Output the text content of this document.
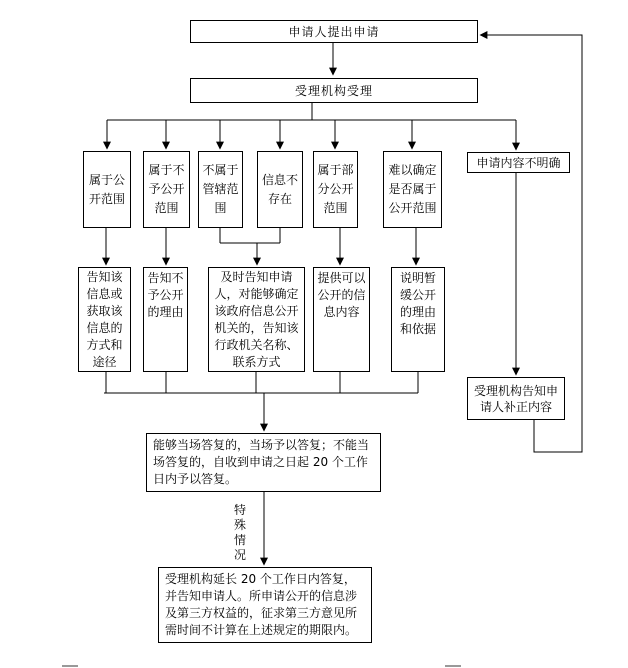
申请人提出申请
受理机构受理
属于公开范围
属于不予公开范围
不属于管辖范围
信息不存在
属于部分公开范围
难以确定是否属于公开范围
申请内容不明确
告知该信息或获取该信息的方式和途径
告知不予公开的理由
及时告知申请人，对能够确定该政府信息公开机关的，告知该行政机关名称、联系方式
提供可以公开的信息内容
说明暂缓公开的理由和依据
受理机构告知申请人补正内容
能够当场答复的，当场予以答复；不能当场答复的，自收到申请之日起 20 个工作日内予以答复。
特殊情况
受理机构延长 20 个工作日内答复，并告知申请人。所申请公开的信息涉及第三方权益的，征求第三方意见所需时间不计算在上述规定的期限内。
